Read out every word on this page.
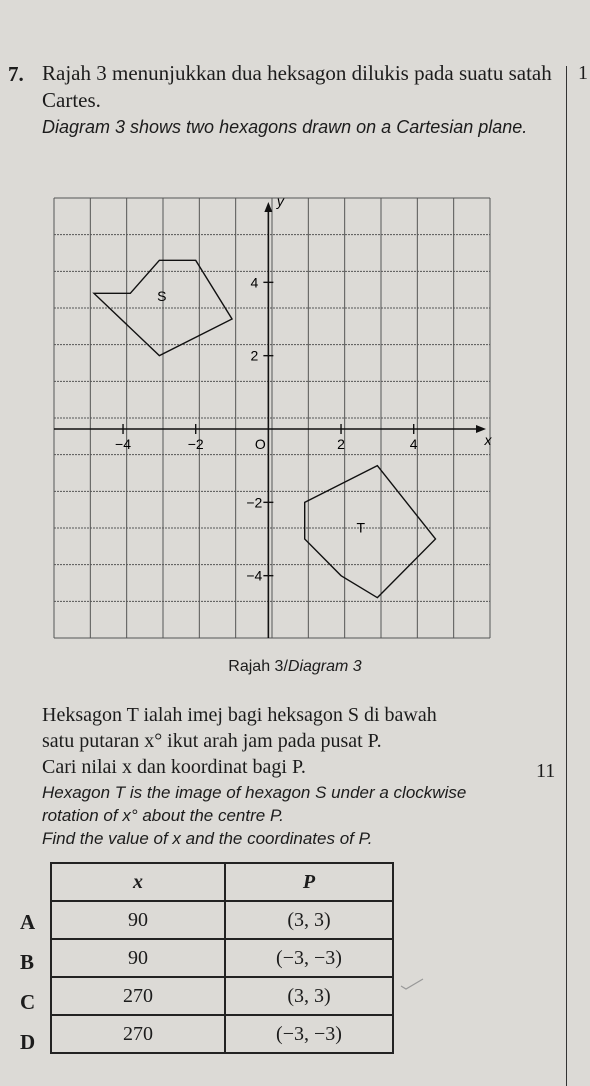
7. Rajah 3 menunjukkan dua heksagon dilukis pada suatu satah Cartes.
Diagram 3 shows two hexagons drawn on a Cartesian plane.
1
−4	−2	O	2	4
4
2
−2
−4
x
y
S
T
Rajah 3/Diagram 3
Heksagon T ialah imej bagi heksagon S di bawah
satu putaran x° ikut arah jam pada pusat P.
Cari nilai x dan koordinat bagi P.
Hexagon T is the image of hexagon S under a clockwise
rotation of x° about the centre P.
Find the value of x and the coordinates of P.
11
x	P
90	(3, 3)
90	(−3, −3)
270	(3, 3)
270	(−3, −3)
A
B
C
D
